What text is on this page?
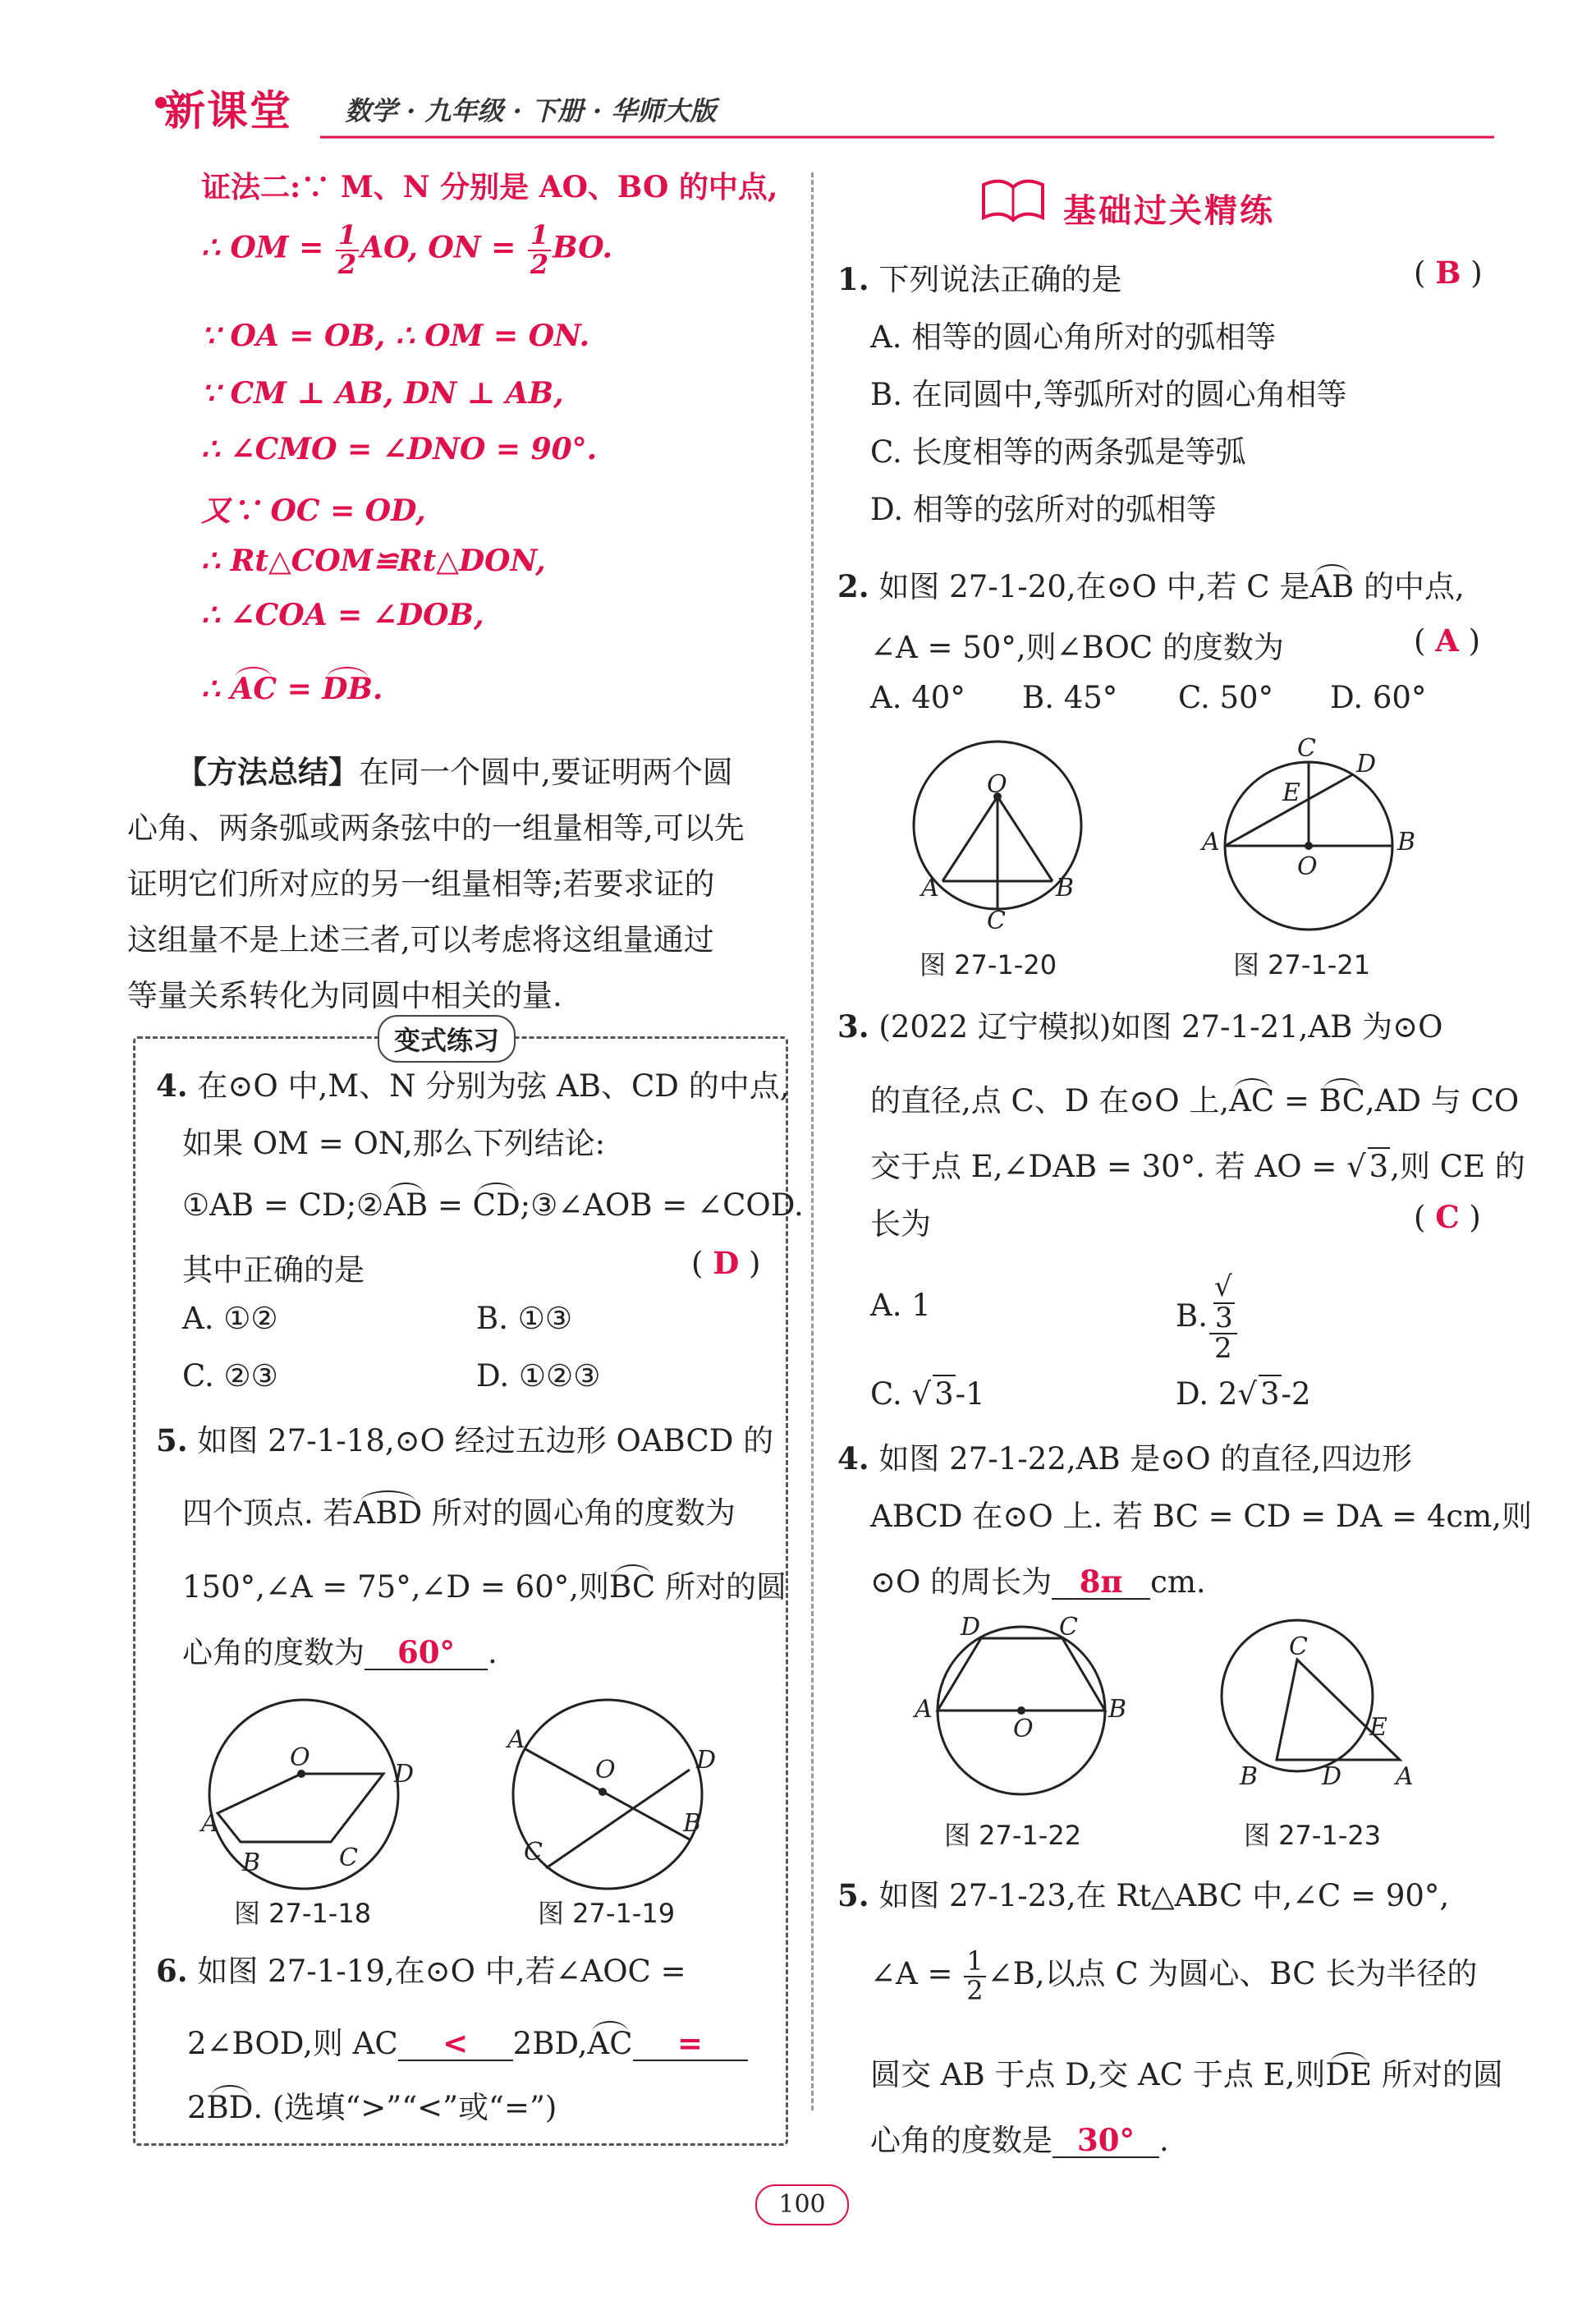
新课堂 数学 · 九年级 · 下册 · 华师大版
证法二:∵ M、N 分别是 AO、BO 的中点,
∴ OM = $\frac{1}{2}$ AO, ON = $\frac{1}{2}$ BO.
∵ OA = OB, ∴ OM = ON.
∵ CM ⊥ AB, DN ⊥ AB,
∴ ∠CMO = ∠DNO = 90°.
又∵ OC = OD,
∴ Rt△COM≌Rt△DON,
∴ ∠COA = ∠DOB,
∴ AC = DB.
【方法总结】在同一个圆中,要证明两个圆
心角、两条弧或两条弦中的一组量相等,可以先
证明它们所对应的另一组量相等;若要求证的
这组量不是上述三者,可以考虑将这组量通过
等量关系转化为同圆中相关的量.
变式练习
4. 在⊙O 中,M、N 分别为弦 AB、CD 的中点,
如果 OM = ON,那么下列结论:
①AB = CD;②AB = CD;③∠AOB = ∠COD.
其中正确的是	( D )
A. ①②	B. ①③
C. ②③	D. ①②③
5. 如图 27-1-18,⊙O 经过五边形 OABCD 的
四个顶点. 若ABD 所对的圆心角的度数为
150°,∠A = 75°,∠D = 60°,则BC 所对的圆
心角的度数为 60° .
O
D
A
B	C
图 27-1-18
O
A
D
B
C
图 27-1-19
6. 如图 27-1-19,在⊙O 中,若∠AOC =
2∠BOD,则 AC < 2BD,AC =
2BD. (选填“>”“<”或“=”)
基础过关精练
1. 下列说法正确的是	( B )
A. 相等的圆心角所对的弧相等
B. 在同圆中,等弧所对的圆心角相等
C. 长度相等的两条弧是等弧
D. 相等的弦所对的弧相等
2. 如图 27-1-20,在⊙O 中,若 C 是AB 的中点,
∠A = 50°,则∠BOC 的度数为	( A )
A. 40° B. 45° C. 50° D. 60°
O
A	B
C
图 27-1-20
O
A	B
C
D
E
图 27-1-21
3. (2022 辽宁模拟)如图 27-1-21,AB 为⊙O
的直径,点 C、D 在⊙O 上,AC = BC,AD 与 CO
交于点 E,∠DAB = 30°. 若 AO = √ 3,则 CE 的
长为	( C )
A. 1	B. √
3
2
C. √ 3-1	D. 2√ 3-2
4. 如图 27-1-22,AB 是⊙O 的直径,四边形
ABCD 在⊙O 上. 若 BC = CD = DA = 4cm,则
⊙O 的周长为 8π cm.
O
A	B
D	C
图 27-1-22
C
B	D A
E
图 27-1-23
5. 如图 27-1-23,在 Rt△ABC 中,∠C = 90°,
∠A = $\frac{1}{2}$ ∠B,以点 C 为圆心、BC 长为半径的
圆交 AB 于点 D,交 AC 于点 E,则DE 所对的圆
心角的度数是 30° .
100
